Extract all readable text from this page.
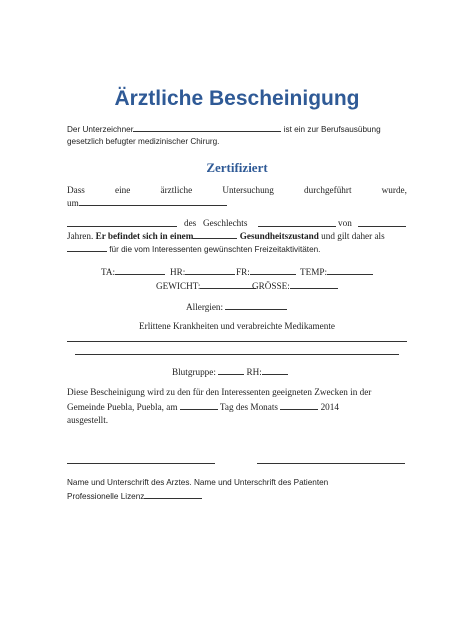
Ärztliche Bescheinigung
Der Unterzeichner	ist ein zur Berufsausübung
gesetzlich befugter medizinischer Chirurg.
Zertifiziert
Dass	eine	ärztliche	Untersuchung	durchgeführt	wurde,
um
des Geschlechts	von
Jahren. Er befindet sich in einem	Gesundheitszustand und gilt daher als
für die vom Interessenten gewünschten Freizeitaktivitäten.
TA:	HR:	FR:	TEMP:
GEWICHT:	GRÖSSE:
Allergien:
Erlittene Krankheiten und verabreichte Medikamente
Blutgruppe:	RH:
Diese Bescheinigung wird zu den für den Interessenten geeigneten Zwecken in der
Gemeinde Puebla, Puebla, am	Tag des Monats	2014
ausgestellt.
Name und Unterschrift des Arztes. Name und Unterschrift des Patienten
Professionelle Lizenz
